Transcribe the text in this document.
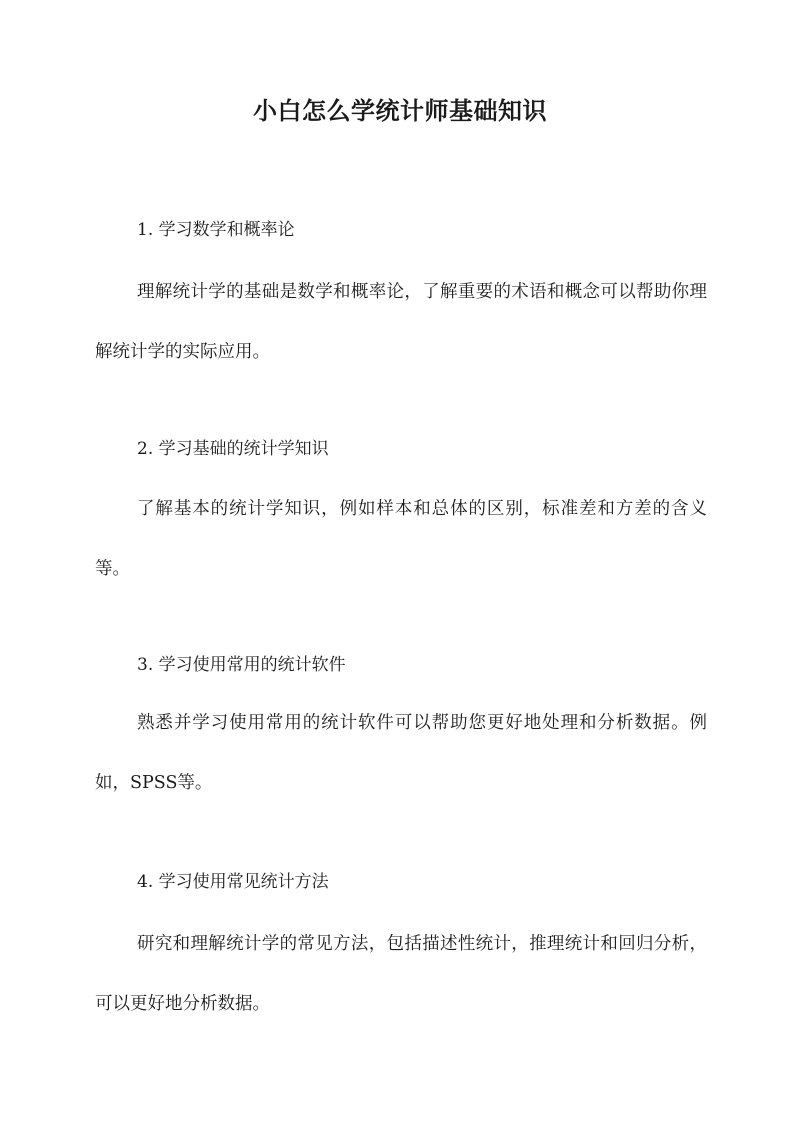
小白怎么学统计师基础知识
1. 学习数学和概率论
理解统计学的基础是数学和概率论，了解重要的术语和概念可以帮助你理解统计学的实际应用。
2. 学习基础的统计学知识
了解基本的统计学知识，例如样本和总体的区别，标准差和方差的含义等。
3. 学习使用常用的统计软件
熟悉并学习使用常用的统计软件可以帮助您更好地处理和分析数据。例如，SPSS等。
4. 学习使用常见统计方法
研究和理解统计学的常见方法，包括描述性统计，推理统计和回归分析，可以更好地分析数据。
